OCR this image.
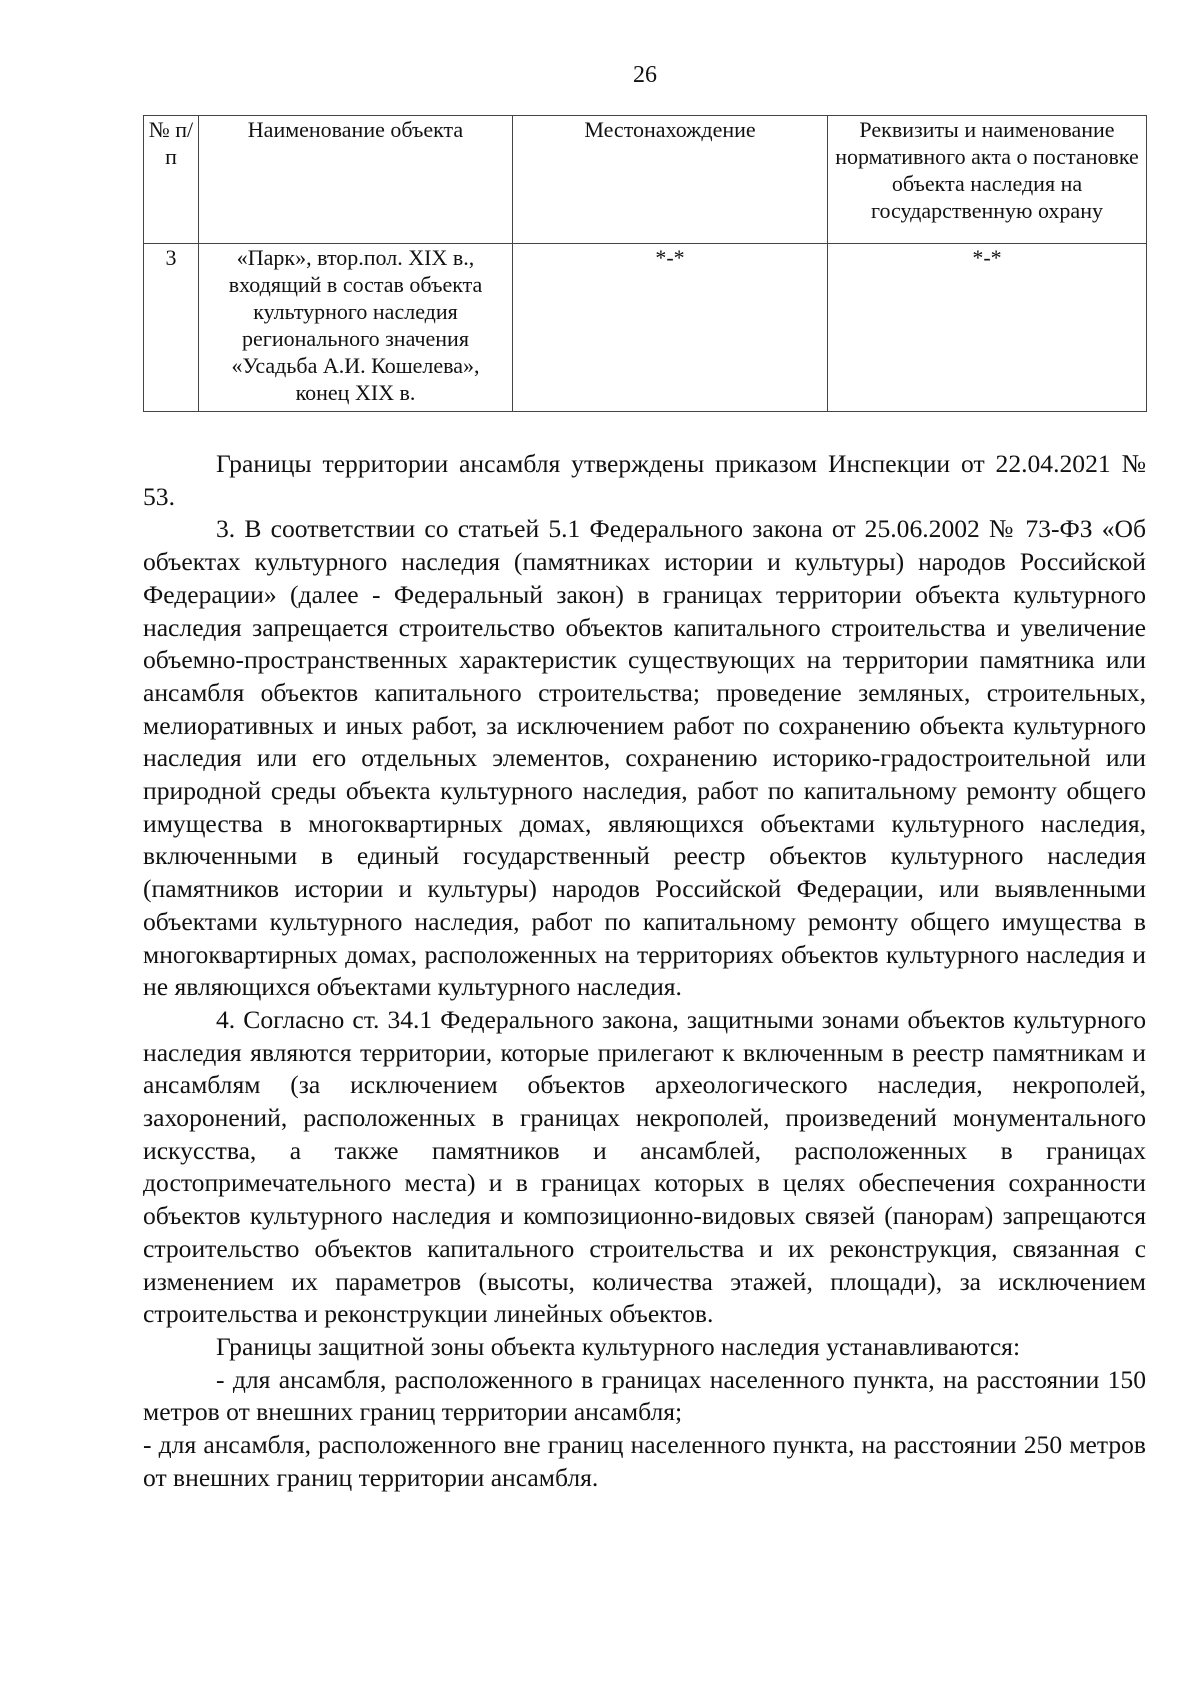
26
№ п/п	Наименование объекта	Местонахождение	Реквизиты и наименование нормативного акта о постановке объекта наследия на государственную охрану
3	«Парк», втор.пол. XIX в., входящий в состав объекта культурного наследия регионального значения «Усадьба А.И. Кошелева», конец XIX в.	*-*	*-*

Границы территории ансамбля утверждены приказом Инспекции от 22.04.2021 № 53.

3. В соответствии со статьей 5.1 Федерального закона от 25.06.2002 № 73-ФЗ «Об объектах культурного наследия (памятниках истории и культуры) народов Российской Федерации» (далее - Федеральный закон) в границах территории объекта культурного наследия запрещается строительство объектов капитального строительства и увеличение объемно-пространственных характеристик существующих на территории памятника или ансамбля объектов капитального строительства; проведение земляных, строительных, мелиоративных и иных работ, за исключением работ по сохранению объекта культурного наследия или его отдельных элементов, сохранению историко-градостроительной или природной среды объекта культурного наследия, работ по капитальному ремонту общего имущества в многоквартирных домах, являющихся объектами культурного наследия, включенными в единый государственный реестр объектов культурного наследия (памятников истории и культуры) народов Российской Федерации, или выявленными объектами культурного наследия, работ по капитальному ремонту общего имущества в многоквартирных домах, расположенных на территориях объектов культурного наследия и не являющихся объектами культурного наследия.

4. Согласно ст. 34.1 Федерального закона, защитными зонами объектов культурного наследия являются территории, которые прилегают к включенным в реестр памятникам и ансамблям (за исключением объектов археологического наследия, некрополей, захоронений, расположенных в границах некрополей, произведений монументального искусства, а также памятников и ансамблей, расположенных в границах достопримечательного места) и в границах которых в целях обеспечения сохранности объектов культурного наследия и композиционно-видовых связей (панорам) запрещаются строительство объектов капитального строительства и их реконструкция, связанная с изменением их параметров (высоты, количества этажей, площади), за исключением строительства и реконструкции линейных объектов.

Границы защитной зоны объекта культурного наследия устанавливаются:

- для ансамбля, расположенного в границах населенного пункта, на расстоянии 150 метров от внешних границ территории ансамбля;

- для ансамбля, расположенного вне границ населенного пункта, на расстоянии 250 метров от внешних границ территории ансамбля.
